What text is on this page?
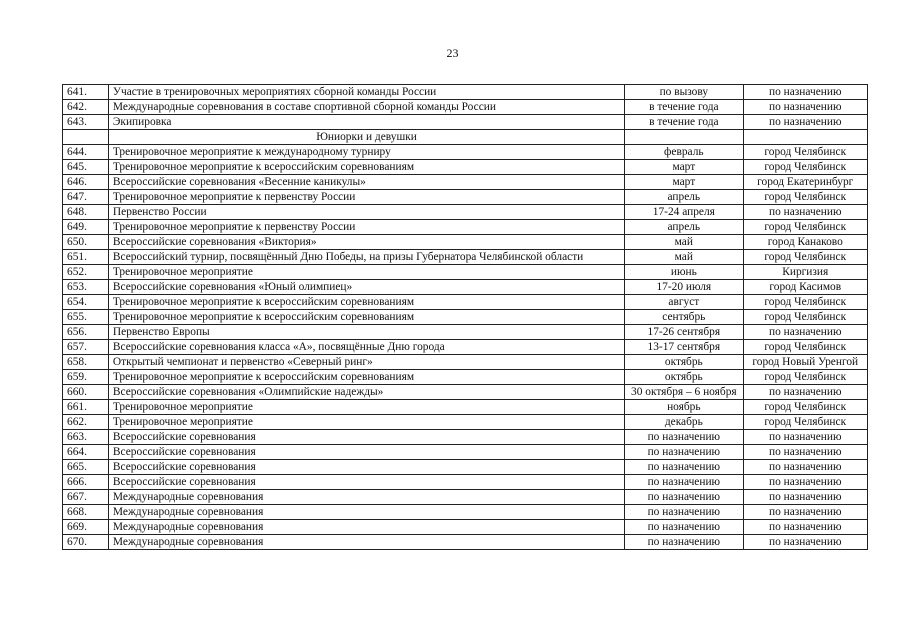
23
641.	Участие в тренировочных мероприятиях сборной команды России	по вызову	по назначению
642.	Международные соревнования в составе спортивной сборной команды России	в течение года	по назначению
643.	Экипировка	в течение года	по назначению
	Юниорки и девушки		
644.	Тренировочное мероприятие к международному турниру	февраль	город Челябинск
645.	Тренировочное мероприятие к всероссийским соревнованиям	март	город Челябинск
646.	Всероссийские соревнования «Весенние каникулы»	март	город Екатеринбург
647.	Тренировочное мероприятие к первенству России	апрель	город Челябинск
648.	Первенство России	17-24 апреля	по назначению
649.	Тренировочное мероприятие к первенству России	апрель	город Челябинск
650.	Всероссийские соревнования «Виктория»	май	город Канаково
651.	Всероссийский турнир, посвящённый Дню Победы, на призы Губернатора Челябинской области	май	город Челябинск
652.	Тренировочное мероприятие	июнь	Киргизия
653.	Всероссийские соревнования «Юный олимпиец»	17-20 июля	город Касимов
654.	Тренировочное мероприятие к всероссийским соревнованиям	август	город Челябинск
655.	Тренировочное мероприятие к всероссийским соревнованиям	сентябрь	город Челябинск
656.	Первенство Европы	17-26 сентября	по назначению
657.	Всероссийские соревнования класса «А», посвящённые Дню города	13-17 сентября	город Челябинск
658.	Открытый чемпионат и первенство «Северный ринг»	октябрь	город Новый Уренгой
659.	Тренировочное мероприятие к всероссийским соревнованиям	октябрь	город Челябинск
660.	Всероссийские соревнования «Олимпийские надежды»	30 октября – 6 ноября	по назначению
661.	Тренировочное мероприятие	ноябрь	город Челябинск
662.	Тренировочное мероприятие	декабрь	город Челябинск
663.	Всероссийские соревнования	по назначению	по назначению
664.	Всероссийские соревнования	по назначению	по назначению
665.	Всероссийские соревнования	по назначению	по назначению
666.	Всероссийские соревнования	по назначению	по назначению
667.	Международные соревнования	по назначению	по назначению
668.	Международные соревнования	по назначению	по назначению
669.	Международные соревнования	по назначению	по назначению
670.	Международные соревнования	по назначению	по назначению
